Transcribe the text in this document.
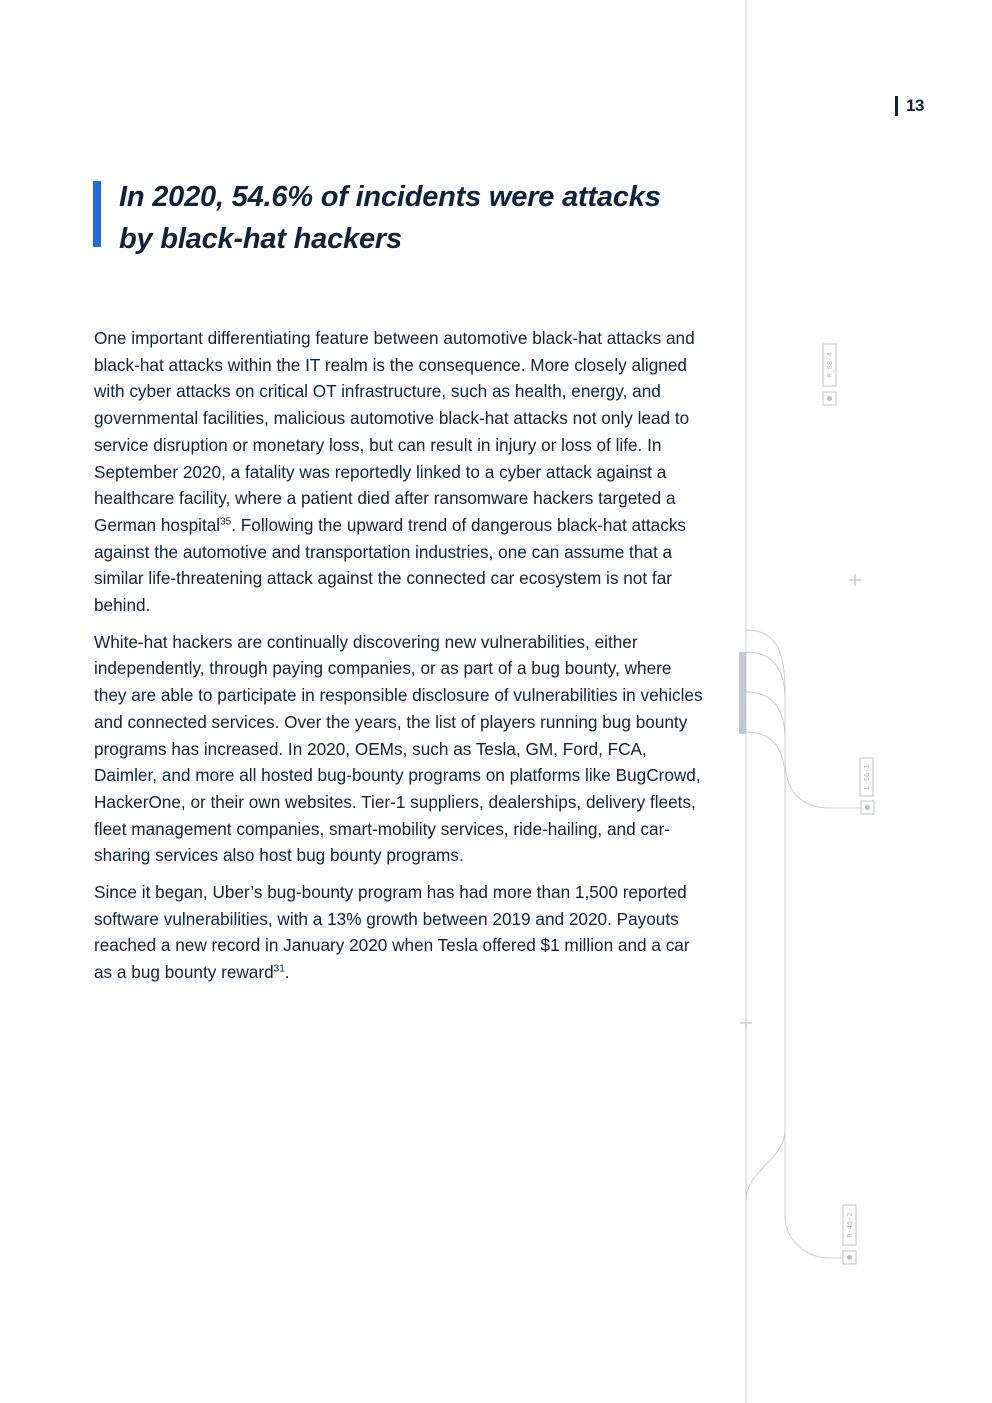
R_88-4
L_56-1
R-45-2
13
In 2020, 54.6% of incidents were attacks by black-hat hackers

One important differentiating feature between automotive black-hat attacks and black-hat attacks within the IT realm is the consequence. More closely aligned with cyber attacks on critical OT infrastructure, such as health, energy, and governmental facilities, malicious automotive black-hat attacks not only lead to service disruption or monetary loss, but can result in injury or loss of life. In September 2020, a fatality was reportedly linked to a cyber attack against a healthcare facility, where a patient died after ransomware hackers targeted a German hospital$^{35}$. Following the upward trend of dangerous black-hat attacks against the automotive and transportation industries, one can assume that a similar life-threatening attack against the connected car ecosystem is not far behind.

White-hat hackers are continually discovering new vulnerabilities, either independently, through paying companies, or as part of a bug bounty, where they are able to participate in responsible disclosure of vulnerabilities in vehicles and connected services. Over the years, the list of players running bug bounty programs has increased. In 2020, OEMs, such as Tesla, GM, Ford, FCA, Daimler, and more all hosted bug-bounty programs on platforms like BugCrowd, HackerOne, or their own websites. Tier-1 suppliers, dealerships, delivery fleets, fleet management companies, smart-mobility services, ride-hailing, and car-sharing services also host bug bounty programs.

Since it began, Uber’s bug-bounty program has had more than 1,500 reported software vulnerabilities, with a 13% growth between 2019 and 2020. Payouts reached a new record in January 2020 when Tesla offered $1 million and a car as a bug bounty reward$^{31}$.
